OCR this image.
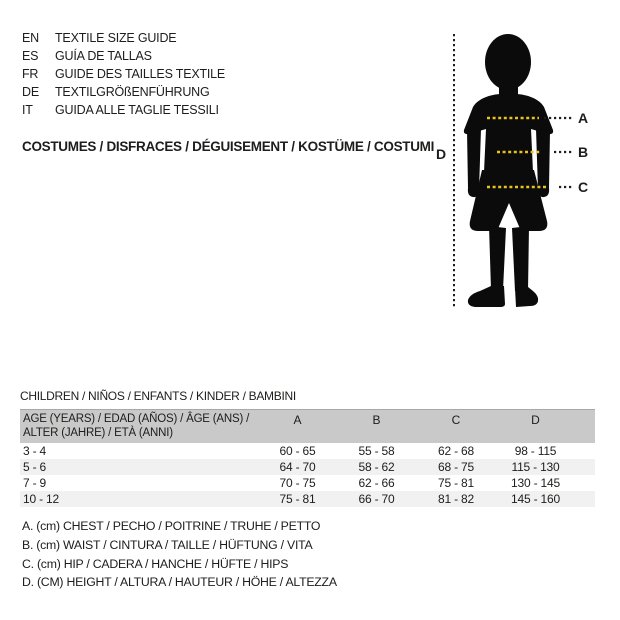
EN	TEXTILE SIZE GUIDE
ES	GUÍA DE TALLAS
FR	GUIDE DES TAILLES TEXTILE
DE	TEXTILGRÖßENFÜHRUNG
IT	GUIDA ALLE TAGLIE TESSILI
COSTUMES / DISFRACES / DÉGUISEMENT / KOSTÜME / COSTUMI D
A
B
C
CHILDREN / NIÑOS / ENFANTS / KINDER / BAMBINI
AGE (YEARS) / EDAD (AÑOS) / ÂGE (ANS) /
ALTER (JAHRE) / ETÀ (ANNI)
A	B	C	D
3 - 4	60 - 65	55 - 58	62 - 68	98 - 115
5 - 6	64 - 70	58 - 62	68 - 75	115 - 130
7 - 9	70 - 75	62 - 66	75 - 81	130 - 145
10 - 12	75 - 81	66 - 70	81 - 82	145 - 160
A. (cm) CHEST / PECHO / POITRINE / TRUHE / PETTO
B. (cm) WAIST / CINTURA / TAILLE / HÜFTUNG / VITA
C. (cm) HIP / CADERA / HANCHE / HÜFTE / HIPS
D. (CM) HEIGHT / ALTURA / HAUTEUR / HÖHE / ALTEZZA
